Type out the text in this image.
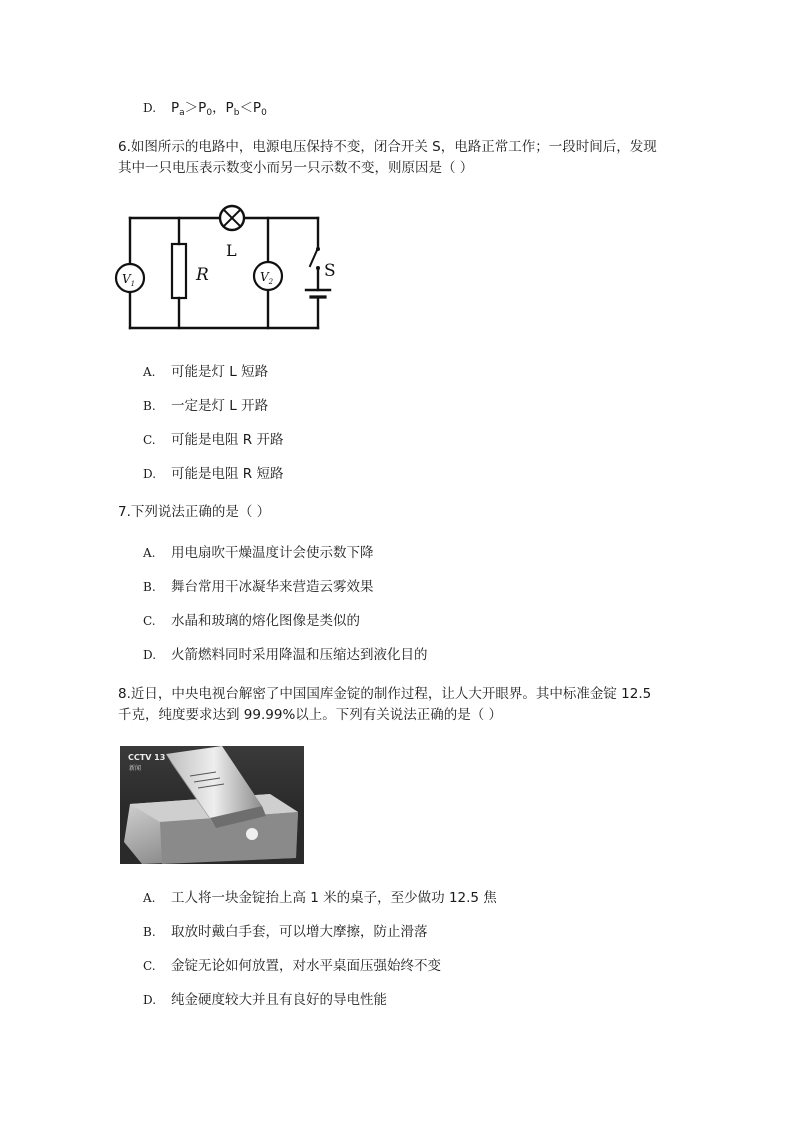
D. $P_a>P_0$，$P_b<P_0$
6.如图所示的电路中，电源电压保持不变，闭合开关 S，电路正常工作；一段时间后，发现
其中一只电压表示数变小而另一只示数不变，则原因是（ ）
$V_1$	$V_2$
R
L
S
A. 可能是灯 L 短路
B. 一定是灯 L 开路
C. 可能是电阻 R 开路
D. 可能是电阻 R 短路
7.下列说法正确的是（ ）
A. 用电扇吹干燥温度计会使示数下降
B. 舞台常用干冰凝华来营造云雾效果
C. 水晶和玻璃的熔化图像是类似的
D. 火箭燃料同时采用降温和压缩达到液化目的
8.近日，中央电视台解密了中国国库金锭的制作过程，让人大开眼界。其中标准金锭 12.5
千克，纯度要求达到 99.99%以上。下列有关说法正确的是（ ）
CCTV 13
新闻
A. 工人将一块金锭抬上高 1 米的桌子，至少做功 12.5 焦
B. 取放时戴白手套，可以增大摩擦，防止滑落
C. 金锭无论如何放置，对水平桌面压强始终不变
D. 纯金硬度较大并且有良好的导电性能
